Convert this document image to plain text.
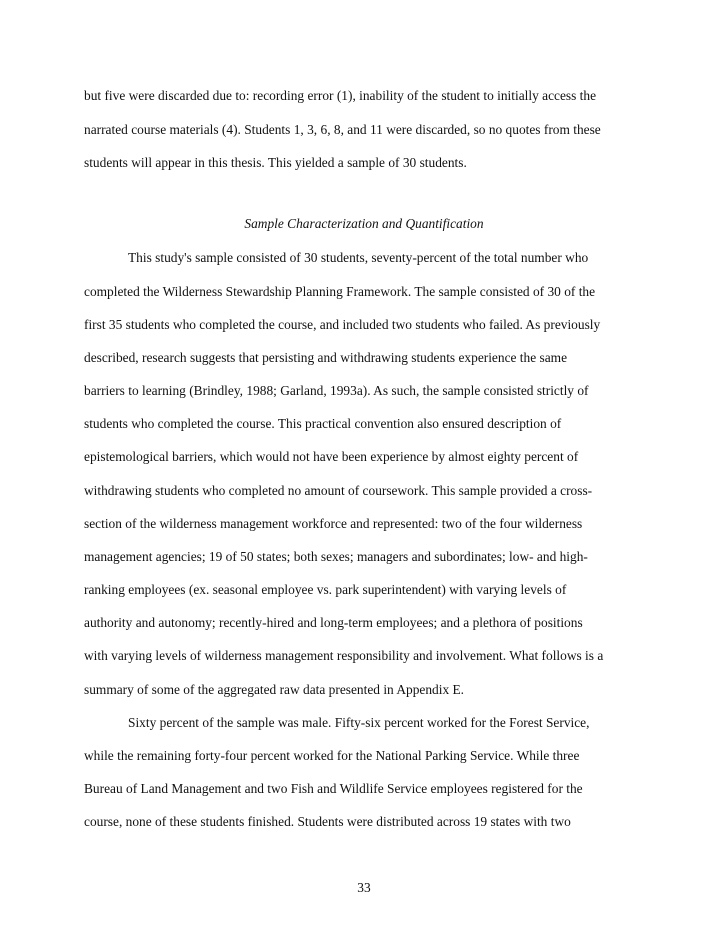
but five were discarded due to: recording error (1), inability of the student to initially access the
narrated course materials (4). Students 1, 3, 6, 8, and 11 were discarded, so no quotes from these
students will appear in this thesis. This yielded a sample of 30 students.
Sample Characterization and Quantification
This study's sample consisted of 30 students, seventy-percent of the total number who
completed the Wilderness Stewardship Planning Framework. The sample consisted of 30 of the
first 35 students who completed the course, and included two students who failed. As previously
described, research suggests that persisting and withdrawing students experience the same
barriers to learning (Brindley, 1988; Garland, 1993a). As such, the sample consisted strictly of
students who completed the course. This practical convention also ensured description of
epistemological barriers, which would not have been experience by almost eighty percent of
withdrawing students who completed no amount of coursework. This sample provided a cross-
section of the wilderness management workforce and represented: two of the four wilderness
management agencies; 19 of 50 states; both sexes; managers and subordinates; low- and high-
ranking employees (ex. seasonal employee vs. park superintendent) with varying levels of
authority and autonomy; recently-hired and long-term employees; and a plethora of positions
with varying levels of wilderness management responsibility and involvement. What follows is a
summary of some of the aggregated raw data presented in Appendix E.
Sixty percent of the sample was male. Fifty-six percent worked for the Forest Service,
while the remaining forty-four percent worked for the National Parking Service. While three
Bureau of Land Management and two Fish and Wildlife Service employees registered for the
course, none of these students finished. Students were distributed across 19 states with two
33
